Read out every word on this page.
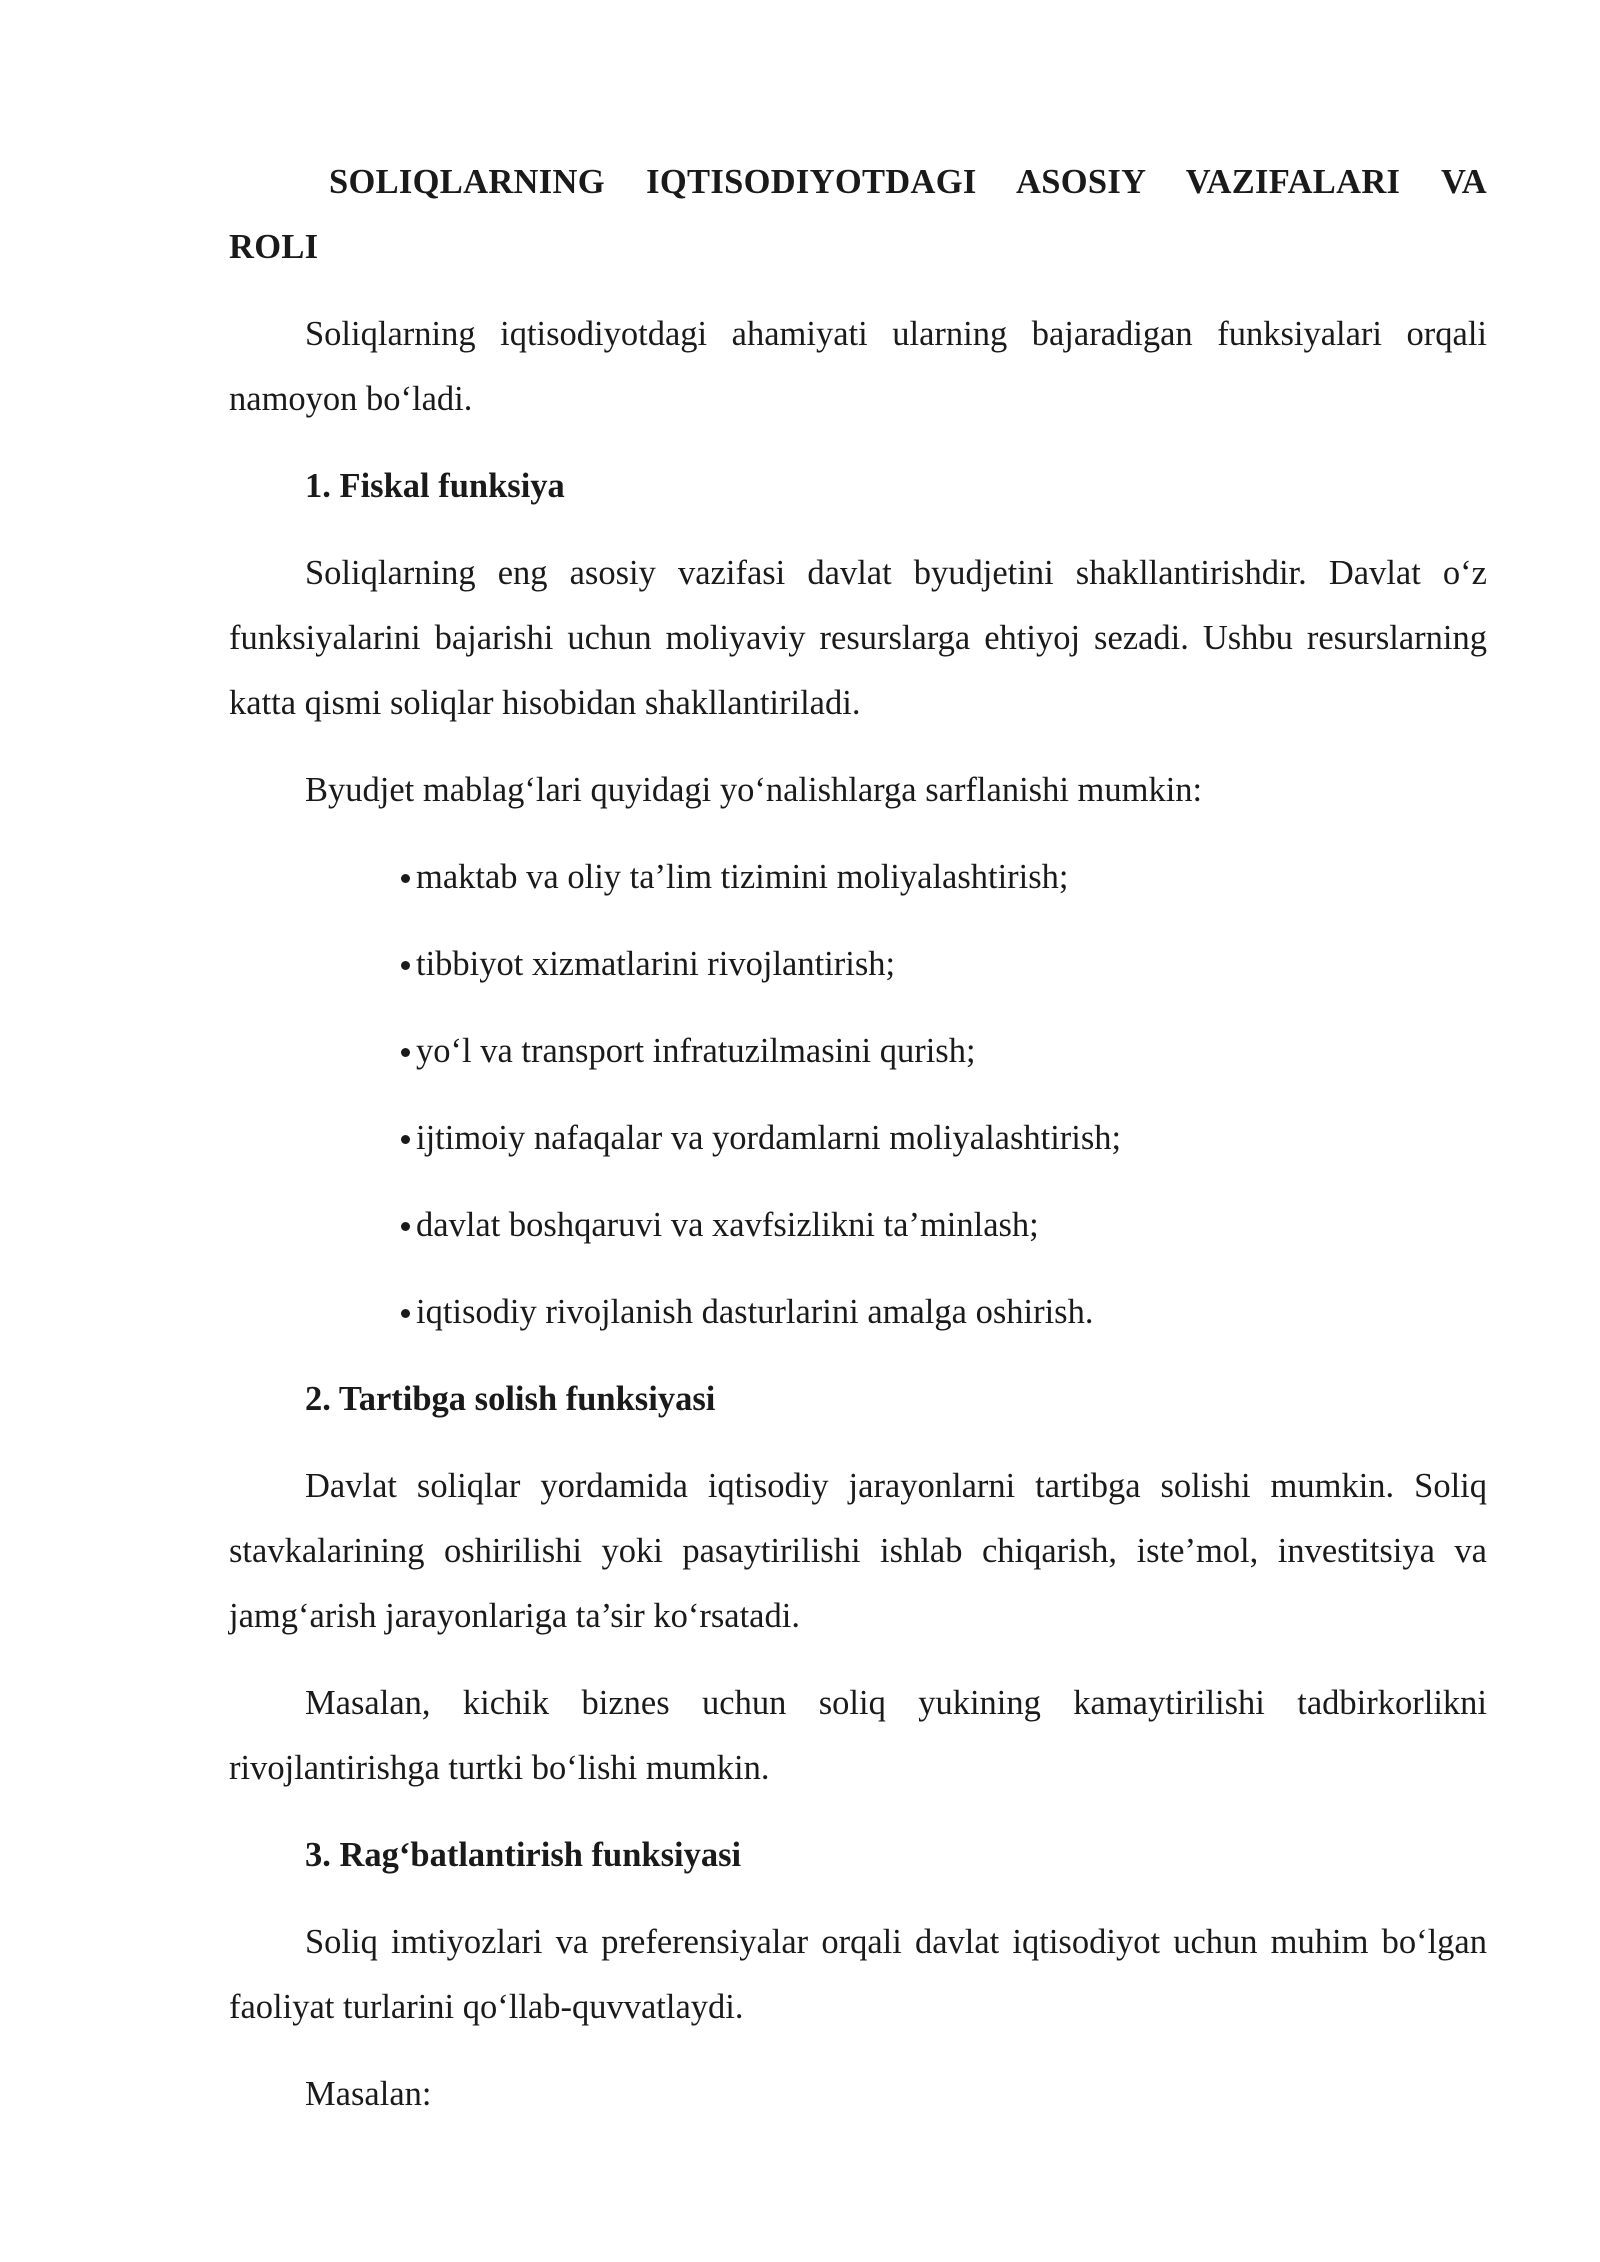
SOLIQLARNING IQTISODIYOTDAGI ASOSIY VAZIFALARI VA ROLI

Soliqlarning iqtisodiyotdagi ahamiyati ularning bajaradigan funksiyalari orqali namoyon bo‘ladi.

1. Fiskal funksiya

Soliqlarning eng asosiy vazifasi davlat byudjetini shakllantirishdir. Davlat o‘z funksiyalarini bajarishi uchun moliyaviy resurslarga ehtiyoj sezadi. Ushbu resurslarning katta qismi soliqlar hisobidan shakllantiriladi.

Byudjet mablag‘lari quyidagi yo‘nalishlarga sarflanishi mumkin:

maktab va oliy ta’lim tizimini moliyalashtirish;
tibbiyot xizmatlarini rivojlantirish;
yo‘l va transport infratuzilmasini qurish;
ijtimoiy nafaqalar va yordamlarni moliyalashtirish;
davlat boshqaruvi va xavfsizlikni ta’minlash;
iqtisodiy rivojlanish dasturlarini amalga oshirish.

2. Tartibga solish funksiyasi

Davlat soliqlar yordamida iqtisodiy jarayonlarni tartibga solishi mumkin. Soliq stavkalarining oshirilishi yoki pasaytirilishi ishlab chiqarish, iste’mol, investitsiya va jamg‘arish jarayonlariga ta’sir ko‘rsatadi.

Masalan, kichik biznes uchun soliq yukining kamaytirilishi tadbirkorlikni rivojlantirishga turtki bo‘lishi mumkin.

3. Rag‘batlantirish funksiyasi

Soliq imtiyozlari va preferensiyalar orqali davlat iqtisodiyot uchun muhim bo‘lgan faoliyat turlarini qo‘llab-quvvatlaydi.

Masalan:
